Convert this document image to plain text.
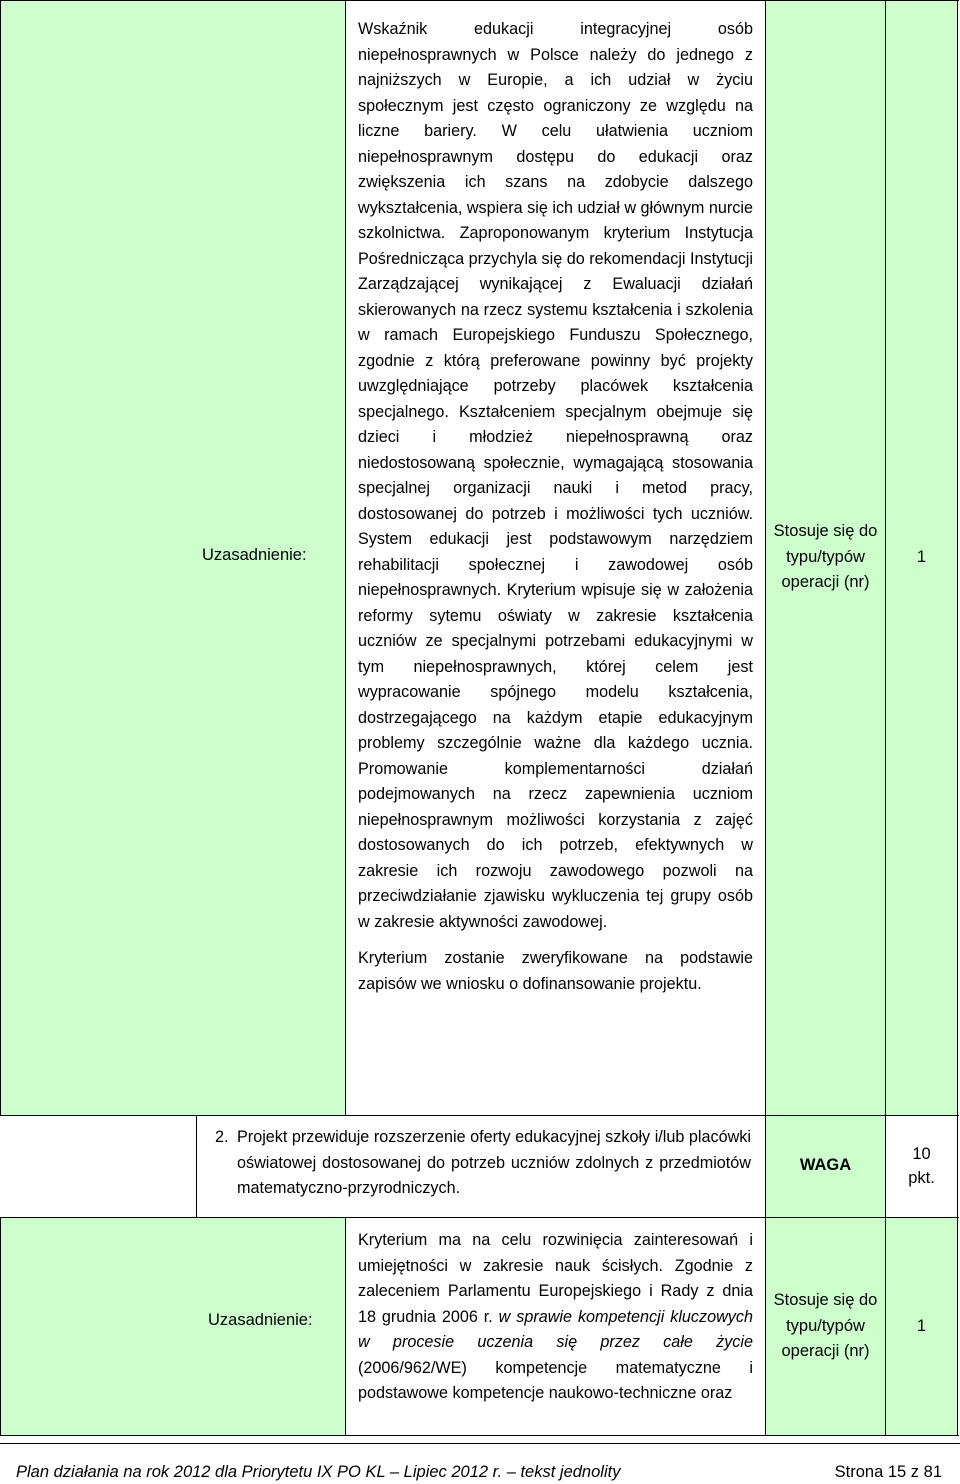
Uzasadnienie:

Wskaźnik edukacji integracyjnej osób niepełnosprawnych w Polsce należy do jednego z najniższych w Europie, a ich udział w życiu społecznym jest często ograniczony ze względu na liczne bariery. W celu ułatwienia uczniom niepełnosprawnym dostępu do edukacji oraz zwiększenia ich szans na zdobycie dalszego wykształcenia, wspiera się ich udział w głównym nurcie szkolnictwa. Zaproponowanym kryterium Instytucja Pośrednicząca przychyla się do rekomendacji Instytucji Zarządzającej wynikającej z Ewaluacji działań skierowanych na rzecz systemu kształcenia i szkolenia w ramach Europejskiego Funduszu Społecznego, zgodnie z którą preferowane powinny być projekty uwzględniające potrzeby placówek kształcenia specjalnego. Kształceniem specjalnym obejmuje się dzieci i młodzież niepełnosprawną oraz niedostosowaną społecznie, wymagającą stosowania specjalnej organizacji nauki i metod pracy, dostosowanej do potrzeb i możliwości tych uczniów. System edukacji jest podstawowym narzędziem rehabilitacji społecznej i zawodowej osób niepełnosprawnych. Kryterium wpisuje się w założenia reformy sytemu oświaty w zakresie kształcenia uczniów ze specjalnymi potrzebami edukacyjnymi w tym niepełnosprawnych, której celem jest wypracowanie spójnego modelu kształcenia, dostrzegającego na każdym etapie edukacyjnym problemy szczególnie ważne dla każdego ucznia. Promowanie komplementarności działań podejmowanych na rzecz zapewnienia uczniom niepełnosprawnym możliwości korzystania z zajęć dostosowanych do ich potrzeb, efektywnych w zakresie ich rozwoju zawodowego pozwoli na przeciwdziałanie zjawisku wykluczenia tej grupy osób w zakresie aktywności zawodowej.

Kryterium zostanie zweryfikowane na podstawie zapisów we wniosku o dofinansowanie projektu.

Stosuje się do typu/typów operacji (nr)
1
2. Projekt przewiduje rozszerzenie oferty edukacyjnej szkoły i/lub placówki oświatowej dostosowanej do potrzeb uczniów zdolnych z przedmiotów matematyczno-przyrodniczych.
WAGA
10 pkt.
Uzasadnienie:
Kryterium ma na celu rozwinięcia zainteresowań i umiejętności w zakresie nauk ścisłych. Zgodnie z zaleceniem Parlamentu Europejskiego i Rady z dnia 18 grudnia 2006 r. w sprawie kompetencji kluczowych w procesie uczenia się przez całe życie (2006/962/WE) kompetencje matematyczne i podstawowe kompetencje naukowo-techniczne oraz
Stosuje się do typu/typów operacji (nr)
1
Plan działania na rok 2012 dla Priorytetu IX PO KL – Lipiec 2012 r. – tekst jednolity	Strona 15 z 81
